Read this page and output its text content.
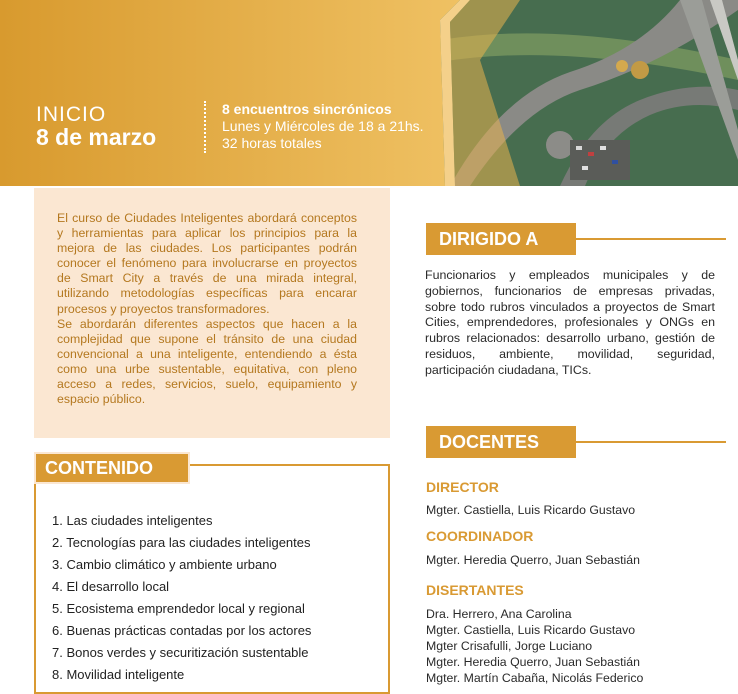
INICIO
8 de marzo
8 encuentros sincrónicos
Lunes y Miércoles de 18 a 21hs.
32 horas totales

El curso de Ciudades Inteligentes abordará conceptos y herramientas para aplicar los principios para la mejora de las ciudades. Los participantes podrán conocer el fenómeno para involucrarse en proyectos de Smart City a través de una mirada integral, utilizando metodologías específicas para encarar procesos y proyectos transformadores.

Se abordarán diferentes aspectos que hacen a la complejidad que supone el tránsito de una ciudad convencional a una inteligente, entendiendo a ésta como una urbe sustentable, equitativa, con pleno acceso a redes, servicios, suelo, equipamiento y espacio público.

CONTENIDO
1. Las ciudades inteligentes
2. Tecnologías para las ciudades inteligentes
3. Cambio climático y ambiente urbano
4. El desarrollo local
5. Ecosistema emprendedor local y regional
6. Buenas prácticas contadas por los actores
7. Bonos verdes y securitización sustentable
8. Movilidad inteligente
DIRIGIDO A
Funcionarios y empleados municipales y de gobiernos, funcionarios de empresas privadas, sobre todo rubros vinculados a proyectos de Smart Cities, emprendedores, profesionales y ONGs en rubros relacionados: desarrollo urbano, gestión de residuos, ambiente, movilidad, seguridad, participación ciudadana, TICs.
DOCENTES
DIRECTOR
Mgter. Castiella, Luis Ricardo Gustavo
COORDINADOR
Mgter. Heredia Querro, Juan Sebastián
DISERTANTES
Dra. Herrero, Ana Carolina
Mgter. Castiella, Luis Ricardo Gustavo
Mgter Crisafulli, Jorge Luciano
Mgter. Heredia Querro, Juan Sebastián
Mgter. Martín Cabaña, Nicolás Federico
